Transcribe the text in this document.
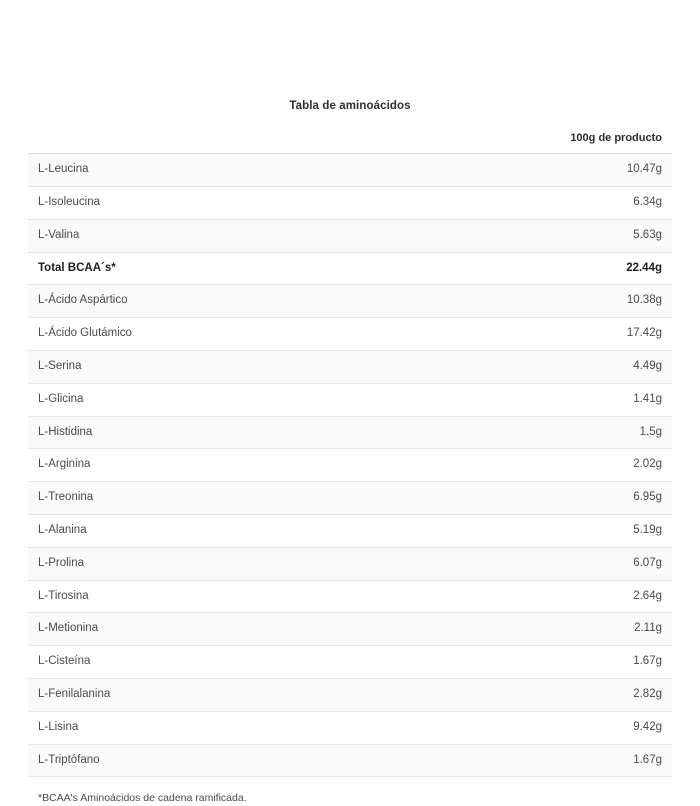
Tabla de aminoácidos
	100g de producto
L-Leucina	10.47g
L-Isoleucina	6.34g
L-Valina	5.63g
Total BCAA´s*	22.44g
L-Ácido Aspártico	10.38g
L-Ácido Glutámico	17.42g
L-Serina	4.49g
L-Glicina	1.41g
L-Histidina	1.5g
L-Arginina	2.02g
L-Treonina	6.95g
L-Alanina	5.19g
L-Prolina	6.07g
L-Tirosina	2.64g
L-Metionina	2.11g
L-Cisteína	1.67g
L-Fenilalanina	2.82g
L-Lisina	9.42g
L-Triptófano	1.67g
*BCAA's Aminoácidos de cadena ramificada.
